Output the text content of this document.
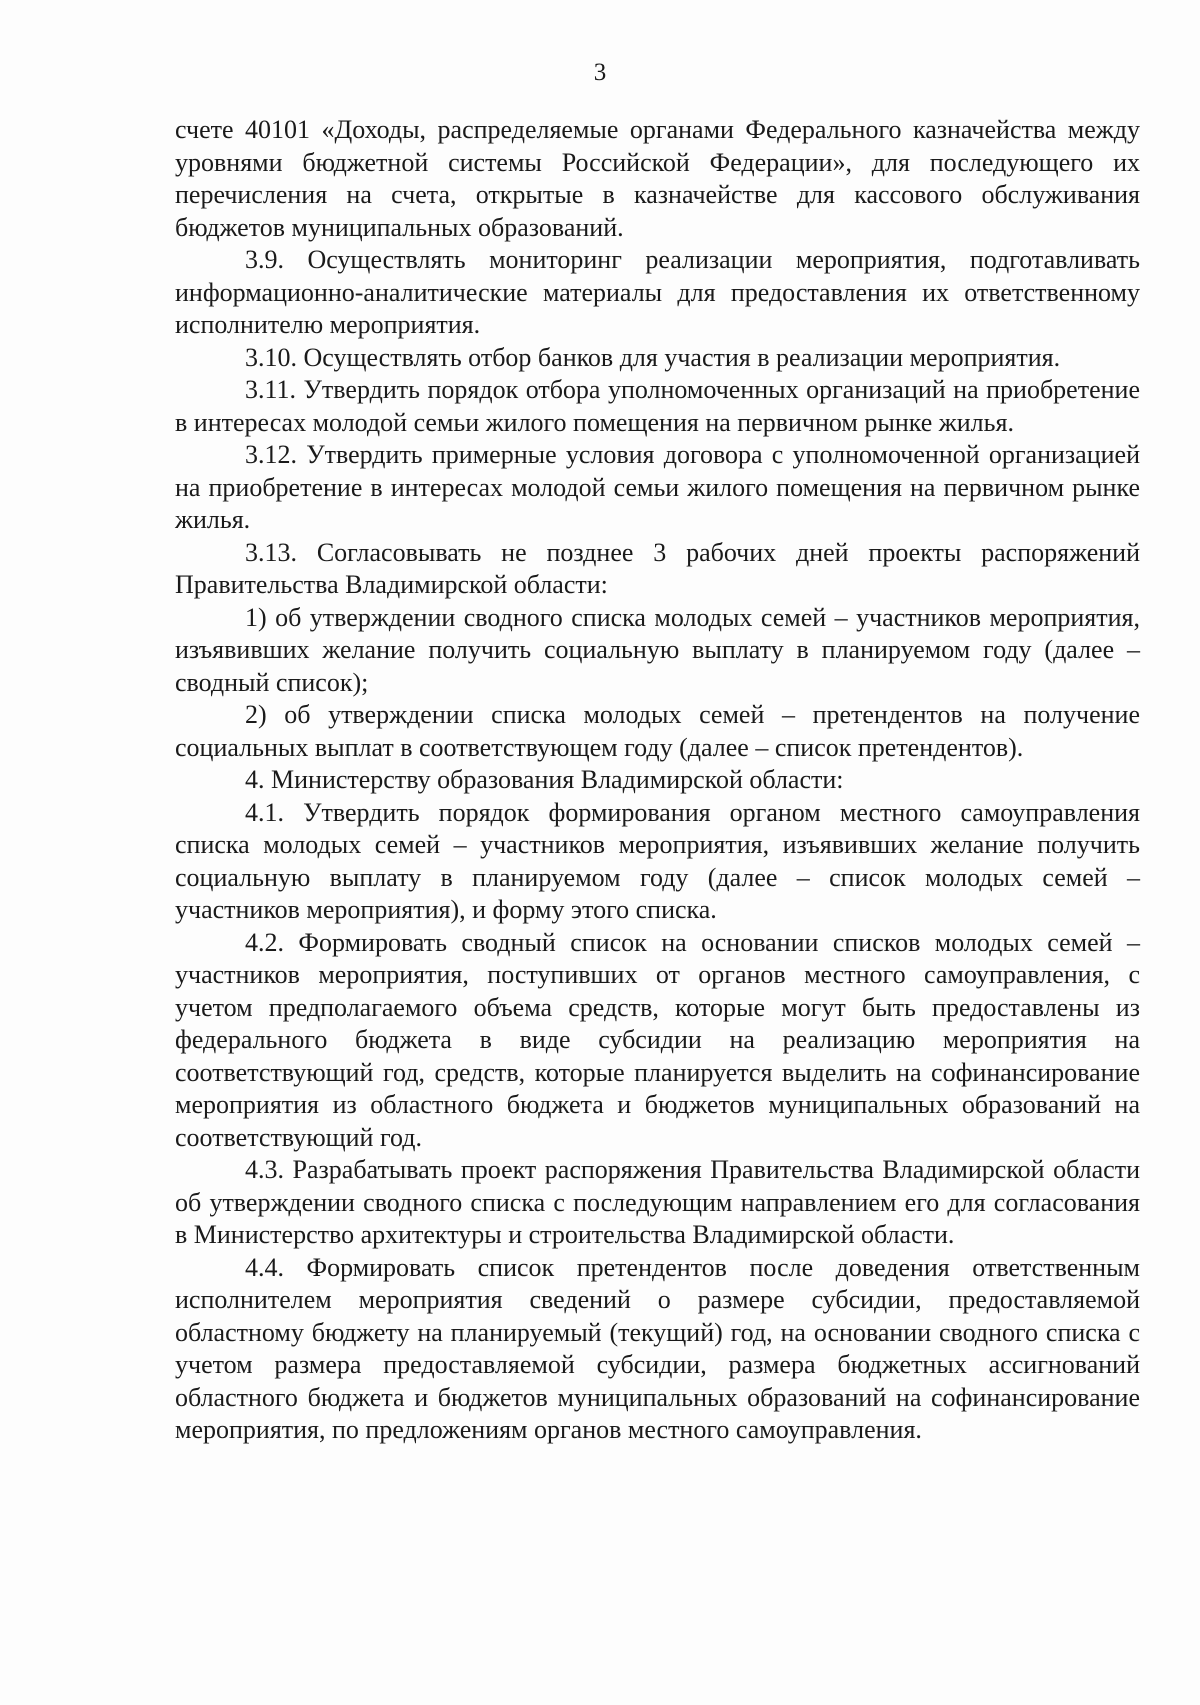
3

счете 40101 «Доходы, распределяемые органами Федерального казначейства между уровнями бюджетной системы Российской Федерации», для последующего их перечисления на счета, открытые в казначействе для кассового обслуживания бюджетов муниципальных образований.

3.9. Осуществлять мониторинг реализации мероприятия, подготавливать информационно-аналитические материалы для предоставления их ответственному исполнителю мероприятия.

3.10. Осуществлять отбор банков для участия в реализации мероприятия.

3.11. Утвердить порядок отбора уполномоченных организаций на приобретение в интересах молодой семьи жилого помещения на первичном рынке жилья.

3.12. Утвердить примерные условия договора с уполномоченной организацией на приобретение в интересах молодой семьи жилого помещения на первичном рынке жилья.

3.13. Согласовывать не позднее 3 рабочих дней проекты распоряжений Правительства Владимирской области:

1) об утверждении сводного списка молодых семей – участников мероприятия, изъявивших желание получить социальную выплату в планируемом году (далее – сводный список);

2) об утверждении списка молодых семей – претендентов на получение социальных выплат в соответствующем году (далее – список претендентов).

4. Министерству образования Владимирской области:

4.1. Утвердить порядок формирования органом местного самоуправления списка молодых семей – участников мероприятия, изъявивших желание получить социальную выплату в планируемом году (далее – список молодых семей – участников мероприятия), и форму этого списка.

4.2. Формировать сводный список на основании списков молодых семей – участников мероприятия, поступивших от органов местного самоуправления, с учетом предполагаемого объема средств, которые могут быть предоставлены из федерального бюджета в виде субсидии на реализацию мероприятия на соответствующий год, средств, которые планируется выделить на софинансирование мероприятия из областного бюджета и бюджетов муниципальных образований на соответствующий год.

4.3. Разрабатывать проект распоряжения Правительства Владимирской области об утверждении сводного списка с последующим направлением его для согласования в Министерство архитектуры и строительства Владимирской области.

4.4. Формировать список претендентов после доведения ответственным исполнителем мероприятия сведений о размере субсидии, предоставляемой областному бюджету на планируемый (текущий) год, на основании сводного списка с учетом размера предоставляемой субсидии, размера бюджетных ассигнований областного бюджета и бюджетов муниципальных образований на софинансирование мероприятия, по предложениям органов местного самоуправления.
